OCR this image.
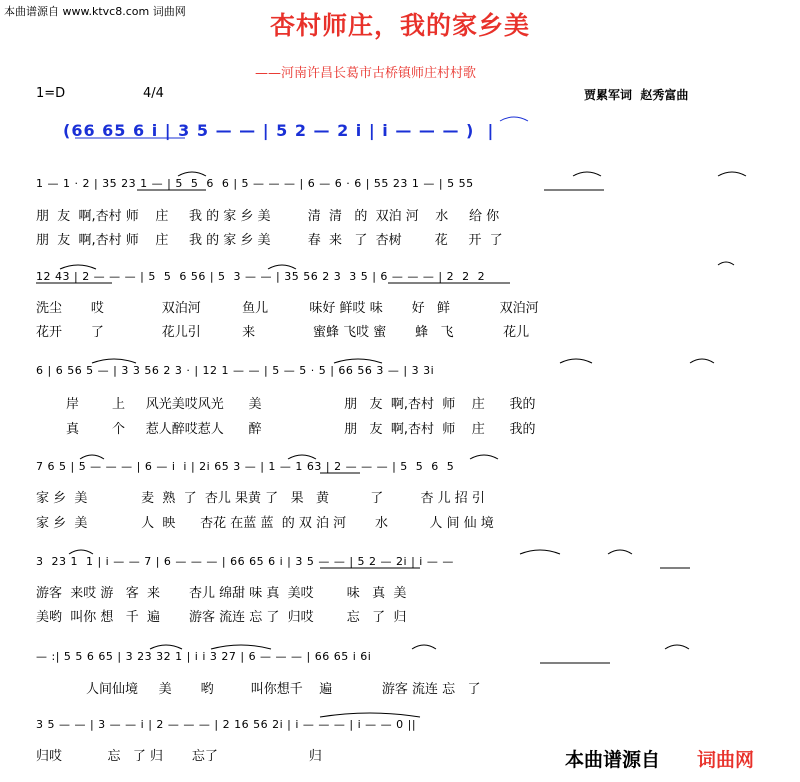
本曲谱源自 www.ktvc8.com 词曲网	杏村师庄，我的家乡美
——河南许昌长葛市古桥镇师庄村村歌
1=D	4/4	贾累军词  赵秀富曲
(66 65 6 i | 3 5 — — | 5 2 — 2 i | i — — — )  |
1 — 1 · 2 | 35 23 1 — | 5  5  6  6 | 5 — — — | 6 — 6 · 6 | 55 23 1 — | 5 55
朋  友  啊,杏村 师    庄     我 的 家 乡 美         清  清   的  双泊 河    水     给 你
朋  友  啊,杏村 师    庄     我 的 家 乡 美         春  来   了  杏树        花     开  了
12 43 | 2 — — — | 5  5  6 56 | 5  3 — — | 35 56 2 3  3 5 | 6 — — — | 2  2  2
洗尘       哎              双泊河          鱼儿          味好 鲜哎 味       好   鲜            双泊河
花开       了              花儿引          来              蜜蜂 飞哎 蜜       蜂   飞            花儿
6 | 6 56 5 — | 3 3 56 2 3 · | 12 1 — — | 5 — 5 · 5 | 66 56 3 — | 3 3i
岸        上     风光美哎风光      美                    朋   友  啊,杏村  师    庄      我的
真        个     惹人醉哎惹人      醉                    朋   友  啊,杏村  师    庄      我的
7 6 5 | 5 — — — | 6 — i  i | 2i 65 3 — | 1 — 1 63 | 2 — — — | 5  5  6  5
家 乡  美             麦  熟  了  杏儿 果黄 了   果   黄          了         杏 儿 招 引
家 乡  美             人  映      杏花 在蓝 蓝  的 双 泊 河       水          人 间 仙 境
3  23 1  1 | i — — 7 | 6 — — — | 66 65 6 i | 3 5 — — | 5 2 — 2i | i — —
游客  来哎 游   客  来       杏儿 绵甜 味 真  美哎        味   真  美
美哟  叫你 想   千  遍       游客 流连 忘 了  归哎        忘   了  归
— :| 5 5 6 65 | 3 23 32 1 | i i 3 27 | 6 — — — | 66 65 i 6i
人间仙境     美       哟         叫你想千    遍            游客 流连 忘   了
3 5 — — | 3 — — i | 2 — — — | 2 16 56 2i | i — — — | i — — 0 ||
归哎           忘   了 归       忘了                      归	本曲谱源自 词曲网
